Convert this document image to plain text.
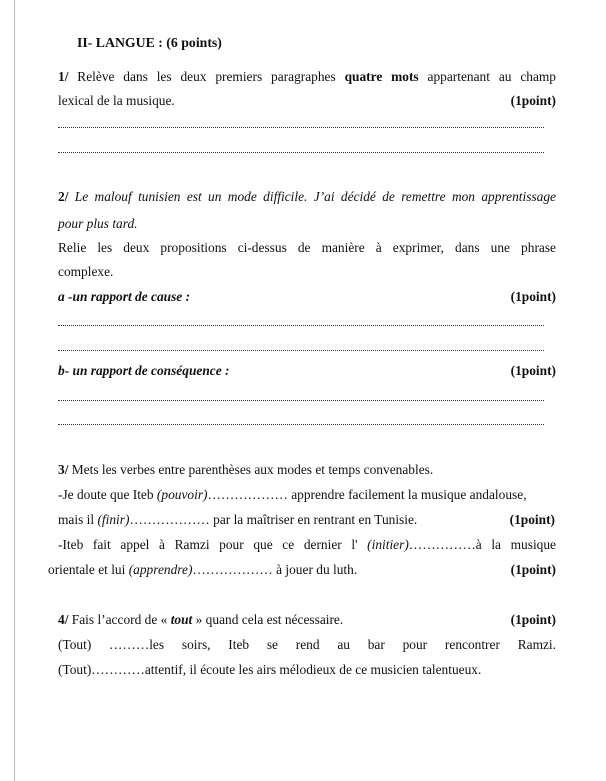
II- LANGUE : (6 points)
1/ Relève dans les deux premiers paragraphes quatre mots appartenant au champ
lexical de la musique.	(1point)
2/ Le malouf tunisien est un mode difficile. J’ai décidé de remettre mon apprentissage
pour plus tard.
Relie les deux propositions ci-dessus de manière à exprimer, dans une phrase
complexe.
a -un rapport de cause :	(1point)
b- un rapport de conséquence :	(1point)
3/ Mets les verbes entre parenthèses aux modes et temps convenables.
-Je doute que Iteb (pouvoir)……………… apprendre facilement la musique andalouse,
mais il (finir)……………… par la maîtriser en rentrant en Tunisie.	(1point)
-Iteb fait appel à Ramzi pour que ce dernier l' (initier)……………à la musique
orientale et lui (apprendre)……………… à jouer du luth.	(1point)
4/ Fais l’accord de « tout » quand cela est nécessaire.	(1point)
(Tout) ………les soirs, Iteb se rend au bar pour rencontrer Ramzi.
(Tout)…………attentif, il écoute les airs mélodieux de ce musicien talentueux.
